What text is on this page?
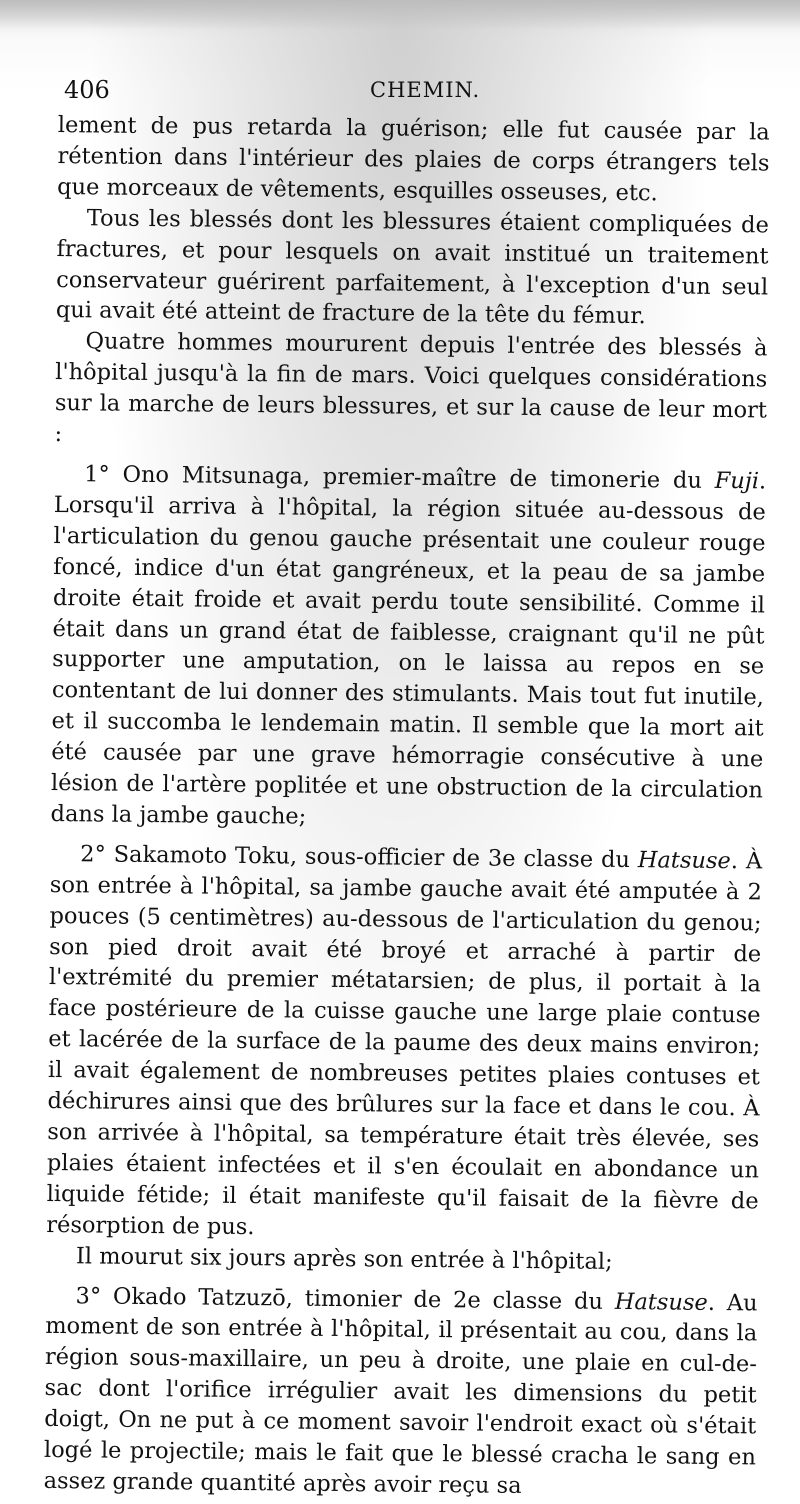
406	CHEMIN.

lement de pus retarda la guérison; elle fut causée par la rétention dans l'intérieur des plaies de corps étrangers tels que morceaux de vêtements, esquilles osseuses, etc.

Tous les blessés dont les blessures étaient compliquées de fractures, et pour lesquels on avait institué un traitement conservateur guérirent parfaitement, à l'exception d'un seul qui avait été atteint de fracture de la tête du fémur.

Quatre hommes moururent depuis l'entrée des blessés à l'hôpital jusqu'à la fin de mars. Voici quelques considérations sur la marche de leurs blessures, et sur la cause de leur mort :

1° Ono Mitsunaga, premier-maître de timonerie du Fuji. Lorsqu'il arriva à l'hôpital, la région située au-dessous de l'articulation du genou gauche présentait une couleur rouge foncé, indice d'un état gangréneux, et la peau de sa jambe droite était froide et avait perdu toute sensibilité. Comme il était dans un grand état de faiblesse, craignant qu'il ne pût supporter une amputation, on le laissa au repos en se contentant de lui donner des stimulants. Mais tout fut inutile, et il succomba le lendemain matin. Il semble que la mort ait été causée par une grave hémorragie consécutive à une lésion de l'artère poplitée et une obstruction de la circulation dans la jambe gauche;

2° Sakamoto Toku, sous-officier de 3e classe du Hatsuse. À son entrée à l'hôpital, sa jambe gauche avait été amputée à 2 pouces (5 centimètres) au-dessous de l'articulation du genou; son pied droit avait été broyé et arraché à partir de l'extrémité du premier métatarsien; de plus, il portait à la face postérieure de la cuisse gauche une large plaie contuse et lacérée de la surface de la paume des deux mains environ; il avait également de nombreuses petites plaies contuses et déchirures ainsi que des brûlures sur la face et dans le cou. À son arrivée à l'hôpital, sa température était très élevée, ses plaies étaient infectées et il s'en écoulait en abondance un liquide fétide; il était manifeste qu'il faisait de la fièvre de résorption de pus.

Il mourut six jours après son entrée à l'hôpital;

3° Okado Tatzuzō, timonier de 2e classe du Hatsuse. Au moment de son entrée à l'hôpital, il présentait au cou, dans la région sous-maxillaire, un peu à droite, une plaie en cul-de-sac dont l'orifice irrégulier avait les dimensions du petit doigt, On ne put à ce moment savoir l'endroit exact où s'était logé le projectile; mais le fait que le blessé cracha le sang en assez grande quantité après avoir reçu sa
